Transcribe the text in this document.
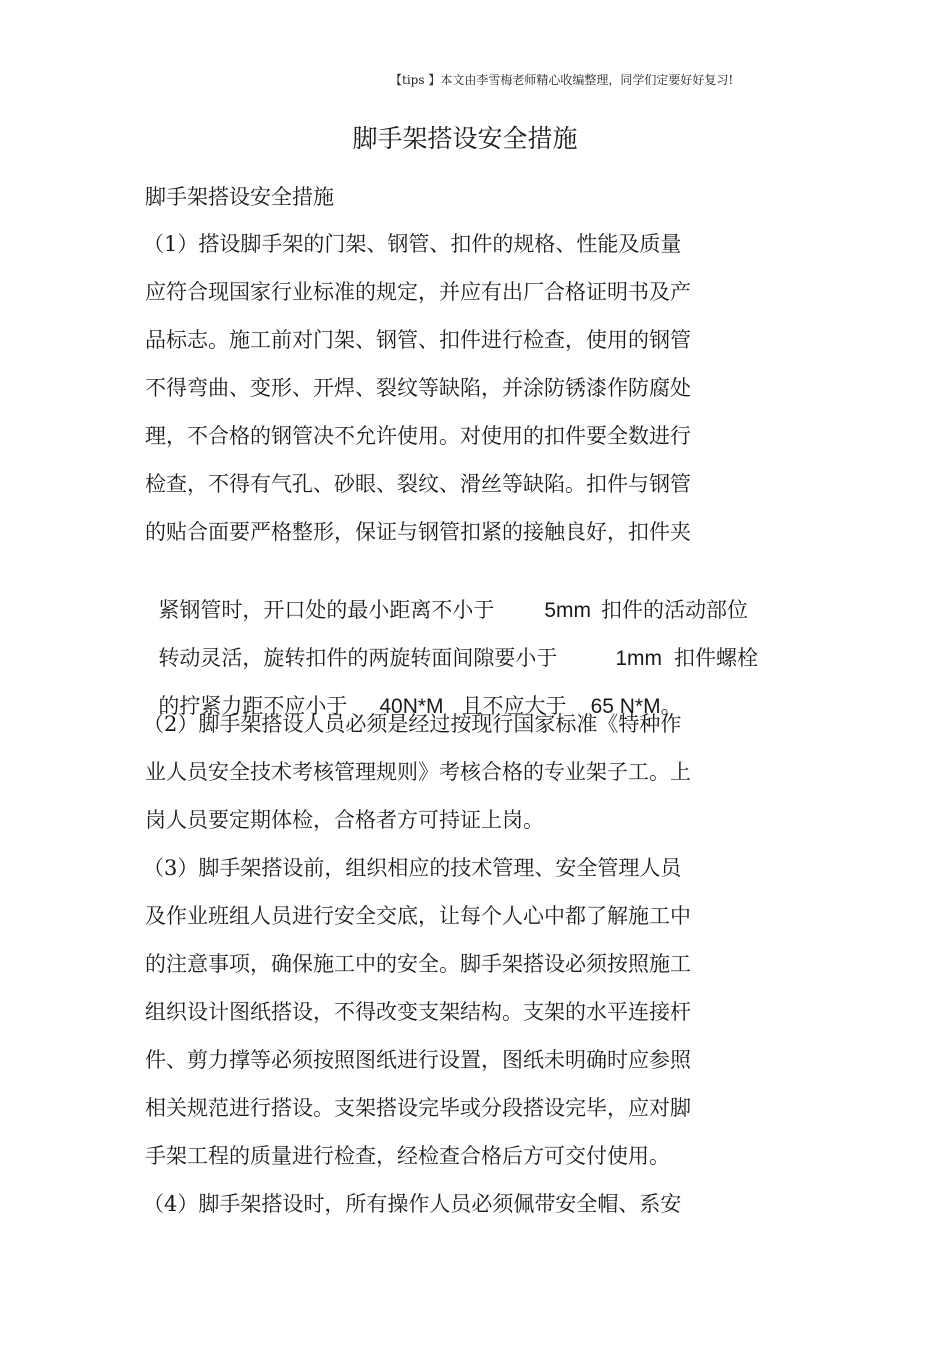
【tips 】本文由李雪梅老师精心收编整理，同学们定要好好复习!
脚手架搭设安全措施
脚手架搭设安全措施
（1）搭设脚手架的门架、钢管、扣件的规格、性能及质量
应符合现国家行业标准的规定，并应有出厂合格证明书及产
品标志。施工前对门架、钢管、扣件进行检查，使用的钢管
不得弯曲、变形、开焊、裂纹等缺陷，并涂防锈漆作防腐处
理，不合格的钢管决不允许使用。对使用的扣件要全数进行
检查，不得有气孔、砂眼、裂纹、滑丝等缺陷。扣件与钢管
的贴合面要严格整形，保证与钢管扣紧的接触良好，扣件夹

紧钢管时，开口处的最小距离不小于 5mm 扣件的活动部位

转动灵活，旋转扣件的两旋转面间隙要小于	1mm 扣件螺栓

的拧紧力距不应小于 40N*M 且不应大于 65 N*M。

（2）脚手架搭设人员必须是经过按现行国家标准《特种作
业人员安全技术考核管理规则》考核合格的专业架子工。上
岗人员要定期体检，合格者方可持证上岗。
（3）脚手架搭设前，组织相应的技术管理、安全管理人员
及作业班组人员进行安全交底，让每个人心中都了解施工中
的注意事项，确保施工中的安全。脚手架搭设必须按照施工
组织设计图纸搭设，不得改变支架结构。支架的水平连接杆
件、剪力撑等必须按照图纸进行设置，图纸未明确时应参照
相关规范进行搭设。支架搭设完毕或分段搭设完毕，应对脚
手架工程的质量进行检查，经检查合格后方可交付使用。
（4）脚手架搭设时，所有操作人员必须佩带安全帽、系安
